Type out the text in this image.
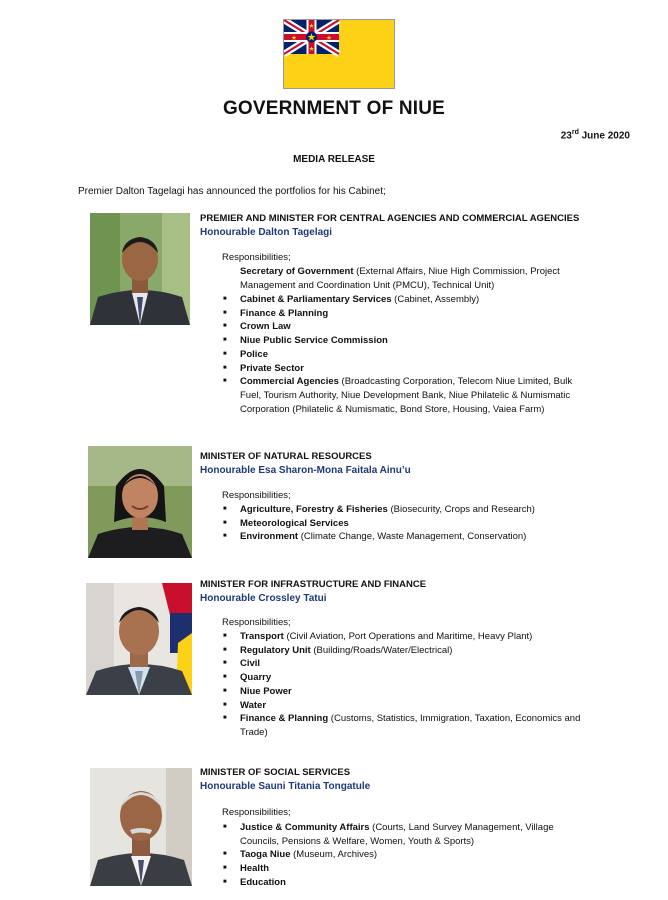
GOVERNMENT OF NIUE
23rd June 2020
MEDIA RELEASE
Premier Dalton Tagelagi has announced the portfolios for his Cabinet;
PREMIER AND MINISTER FOR CENTRAL AGENCIES AND COMMERCIAL AGENCIES
Honourable Dalton Tagelagi
Responsibilities;
Secretary of Government (External Affairs, Niue High Commission, Project Management and Coordination Unit (PMCU), Technical Unit)
■ Cabinet & Parliamentary Services (Cabinet, Assembly)
■ Finance & Planning
■ Crown Law
■ Niue Public Service Commission
■ Police
■ Private Sector
■ Commercial Agencies (Broadcasting Corporation, Telecom Niue Limited, Bulk Fuel, Tourism Authority, Niue Development Bank, Niue Philatelic & Numismatic Corporation (Philatelic & Numismatic, Bond Store, Housing, Vaiea Farm)
MINISTER OF NATURAL RESOURCES
Honourable Esa Sharon-Mona Faitala Ainu’u
Responsibilities;
■ Agriculture, Forestry & Fisheries (Biosecurity, Crops and Research)
■ Meteorological Services
■ Environment (Climate Change, Waste Management, Conservation)
MINISTER FOR INFRASTRUCTURE AND FINANCE
Honourable Crossley Tatui
Responsibilities;
■ Transport (Civil Aviation, Port Operations and Maritime, Heavy Plant)
■ Regulatory Unit (Building/Roads/Water/Electrical)
■ Civil
■ Quarry
■ Niue Power
■ Water
■ Finance & Planning (Customs, Statistics, Immigration, Taxation, Economics and Trade)
MINISTER OF SOCIAL SERVICES
Honourable Sauni Titania Tongatule
Responsibilities;
■ Justice & Community Affairs (Courts, Land Survey Management, Village Councils, Pensions & Welfare, Women, Youth & Sports)
■ Taoga Niue (Museum, Archives)
■ Health
■ Education
